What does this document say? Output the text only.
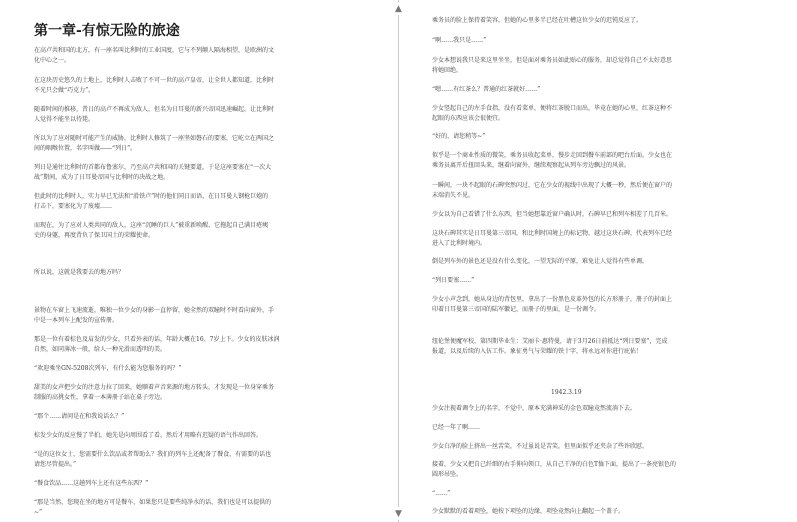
第一章-有惊无险的旅途

在高卢共和国的北方，有一座名叫比利时的工业国度，它与不列颠人隔海相望，是欧洲的文

化中心之一。

在这块历史悠久的土地上，比利时人击败了不可一世的高卢皇帝，让全世人都知道，比利时

不光只会做“巧克力”。

随着时间的推移，昔日的高卢不再成为敌人，但名为日耳曼的新兴帝国迅速崛起，让比利时

人觉得不能坐以待毙。

所以为了应对随时可能产生的威胁，比利时人修筑了一座坚如磐石的要塞，它屹立在两国之

间的咽喉位置，名字叫做——“列日”。

列日是通往比利时的首都布鲁塞尔，乃至高卢共和国的关键要道，于是这座要塞在“一次大

战”期间，成为了日耳曼帝国与比利时的决战之地。

但此时的比利时人，实力早已无法和“滑铁卢”时的他们同日而语，在日耳曼人钢枪巨炮的

打击下，要塞化为了废墟……

而现在，为了应对人类共同的敌人，这座“沉睡的巨人”被重新唤醒，它拖起自己满目疮痍

史的身躯，再度背负了保卫国土的荣耀使命。

所以说，这就是我要去的地方吗？

景物在车窗上飞速流逝，唯独一位少女的身影一直停留，她全然的双瞳时不时看向窗外，手

中是一本列车上配发的宣传册。

那是一位有着棕色及肩发的少女，只看外表的话，年龄大概在16、7岁上下。少女的皮肤冰润

自然，如同薄冰一般，给人一种光滑而透明的美。

“欢迎乘坐GN-5208次列车，有什么能为您服务的吗？”

甜美的女声把少女的注意力拉了回来，她顺着声音来源的地方转头，才发现是一位身穿乘务

制服的高挑女性，拿着一本薄册子站在桌子旁边。

“那个……请问是在和我说话么？”

棕发少女的反应慢了半拍，她先是向周围看了看，然后才用略有迟疑的语气作出回答。

“是的这位女士，您需要什么饮品或者帮助么？我们的列车上还配备了餐食，有需要的话也

请您尽管提出。”

“餐食饮品……这趟列车上还有这些东西？”

“那是当然，您现在坐的地方可是餐车，如果您只是要些纯净水的话，我们也是可以提供的

~”

▲
▼

乘务员的脸上保持着笑容，但她的心里多半已经在吐槽这位少女的迟钝反应了。

“啊……我只是……”

少女本想说我只是来这里坐坐，但是面对乘务员如此贴心的服务，却总觉得自己不太好意思

将她回绝。

“嗯……有红茶么？普通的红茶就好……”

少女竖起自己的左手食指，没有看菜单，便将红茶脱口而出，毕竟在她的心里，红茶这种不

起眼的东西应该会很便宜。

“好的，请您稍等~”

似乎是一个商业性质的微笑，乘务员收起菜单，慢步走回到餐车前部的吧台后面。少女也在

乘务员离开后扭回头来，继着向窗外，继续观察起从列车旁边飘过的风景。

一瞬间，一块不起眼的石碑突然闪过，它在少女的视线中出现了大概一秒，然后便在窗户的

末端消失不见。

少女以为自己看错了什么东西，但当她想靠近窗户确认时，石碑早已和列车相差了几百米。

这块石碑其实是日耳曼第三帝国，和比利时国境上的标记物，越过这块石碑，代表列车已经

进入了比利时境内。

倒是列车外的景色还是没有什么变化，一望无际的平原，难免让人觉得有些单调。

“列日要塞……”

少女小声念到，她从身边的背包里，拿出了一份黑色皮革外包的长方形册子，册子的封面上

印着日耳曼第三帝国的陆军徽记，而册子的里面，是一份调令。

纽伦堡便魔军校，第四期毕业生：艾丽卡·惠特曼，请于3月26日前抵达“列日要塞”，完成

报道，以及后续的入伍工作。象征勇气与荣耀的铁十字，将永远对你进行庇佑！

1942.3.19

少女注视着调令上的名字，不觉中，原本充满神采的金色双瞳竟然流淌下去。

已经一年了啊……

少女白净的脸上挤出一丝苦笑，不过虽说是苦笑，但里面似乎还夹杂了些许欣慰。

接着，少女又把自己纤细的右手伸向领口，从自己干净的白色T恤下面，提出了一条亮银色的

圆形吊坠。

“……”

少女默默的看着项坠，她按下项坠的边缘，项坠竟然向上翻起一个盖子。
